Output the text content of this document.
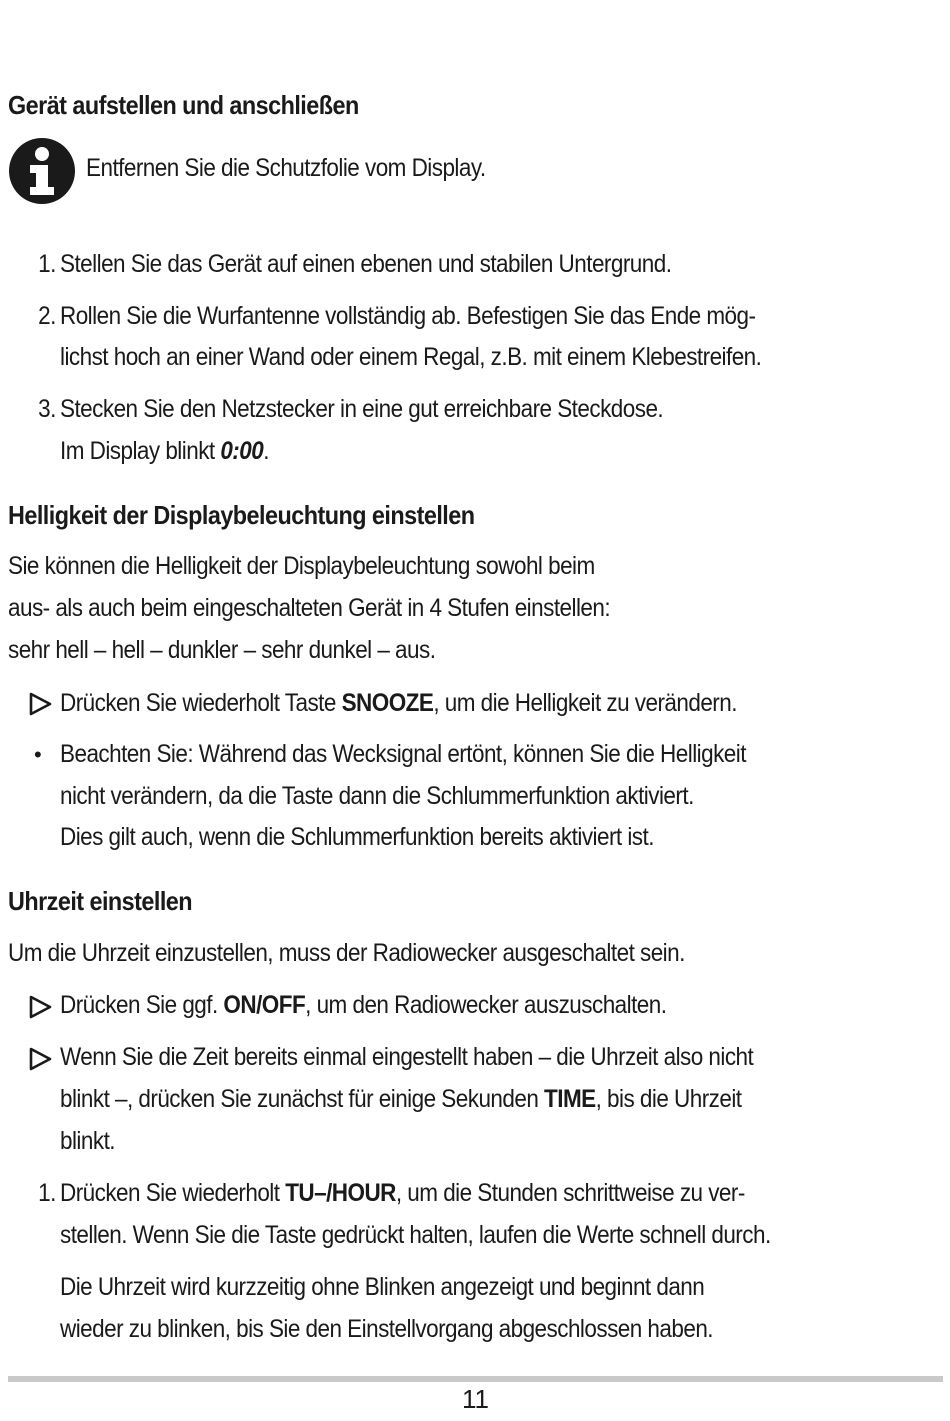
Gerät aufstellen und anschließen
Entfernen Sie die Schutzfolie vom Display.
1. Stellen Sie das Gerät auf einen ebenen und stabilen Untergrund.
2. Rollen Sie die Wurfantenne vollständig ab. Befestigen Sie das Ende mög-
lichst hoch an einer Wand oder einem Regal, z.B. mit einem Klebestreifen.
3. Stecken Sie den Netzstecker in eine gut erreichbare Steckdose.
Im Display blinkt 0:00.
Helligkeit der Displaybeleuchtung einstellen
Sie können die Helligkeit der Displaybeleuchtung sowohl beim
aus- als auch beim eingeschalteten Gerät in 4 Stufen einstellen:
sehr hell – hell – dunkler – sehr dunkel – aus.
Drücken Sie wiederholt Taste SNOOZE, um die Helligkeit zu verändern.
• Beachten Sie: Während das Wecksignal ertönt, können Sie die Helligkeit
nicht verändern, da die Taste dann die Schlummerfunktion aktiviert.
Dies gilt auch, wenn die Schlummerfunktion bereits aktiviert ist.
Uhrzeit einstellen
Um die Uhrzeit einzustellen, muss der Radiowecker ausgeschaltet sein.
Drücken Sie ggf. ON/OFF, um den Radiowecker auszuschalten.
Wenn Sie die Zeit bereits einmal eingestellt haben – die Uhrzeit also nicht
blinkt –, drücken Sie zunächst für einige Sekunden TIME, bis die Uhrzeit
blinkt.
1. Drücken Sie wiederholt TU–/HOUR, um die Stunden schrittweise zu ver-
stellen. Wenn Sie die Taste gedrückt halten, laufen die Werte schnell durch.
Die Uhrzeit wird kurzzeitig ohne Blinken angezeigt und beginnt dann
wieder zu blinken, bis Sie den Einstellvorgang abgeschlossen haben.
11
